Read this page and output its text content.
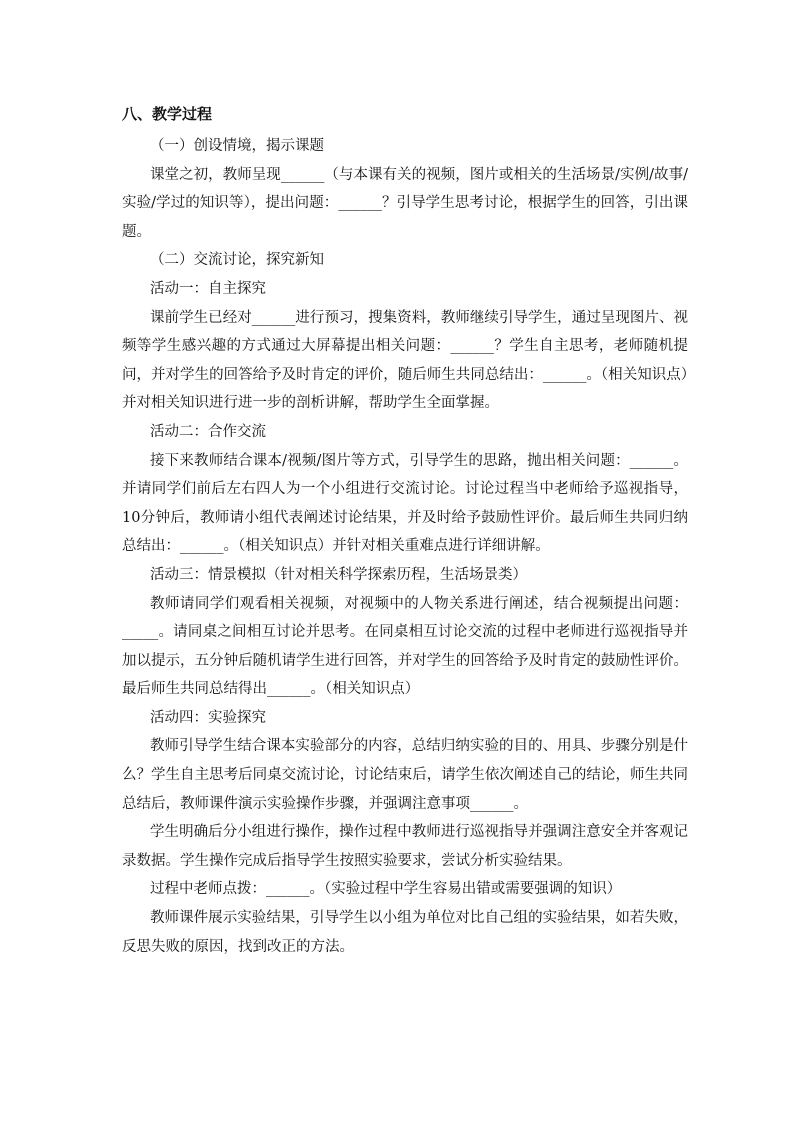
八、教学过程

（一）创设情境，揭示课题

课堂之初，教师呈现______（与本课有关的视频，图片或相关的生活场景/实例/故事/实验/学过的知识等），提出问题：______？引导学生思考讨论，根据学生的回答，引出课题。

（二）交流讨论，探究新知

活动一：自主探究

课前学生已经对______进行预习，搜集资料，教师继续引导学生，通过呈现图片、视频等学生感兴趣的方式通过大屏幕提出相关问题：______？学生自主思考，老师随机提问，并对学生的回答给予及时肯定的评价，随后师生共同总结出：______。（相关知识点）并对相关知识进行进一步的剖析讲解，帮助学生全面掌握。

活动二：合作交流

接下来教师结合课本/视频/图片等方式，引导学生的思路，抛出相关问题：______。并请同学们前后左右四人为一个小组进行交流讨论。讨论过程当中老师给予巡视指导，10分钟后，教师请小组代表阐述讨论结果，并及时给予鼓励性评价。最后师生共同归纳总结出：______。（相关知识点）并针对相关重难点进行详细讲解。

活动三：情景模拟（针对相关科学探索历程，生活场景类）

教师请同学们观看相关视频，对视频中的人物关系进行阐述，结合视频提出问题：_____。请同桌之间相互讨论并思考。在同桌相互讨论交流的过程中老师进行巡视指导并加以提示，五分钟后随机请学生进行回答，并对学生的回答给予及时肯定的鼓励性评价。最后师生共同总结得出______。（相关知识点）

活动四：实验探究

教师引导学生结合课本实验部分的内容，总结归纳实验的目的、用具、步骤分别是什么？学生自主思考后同桌交流讨论，讨论结束后，请学生依次阐述自己的结论，师生共同总结后，教师课件演示实验操作步骤，并强调注意事项______。

学生明确后分小组进行操作，操作过程中教师进行巡视指导并强调注意安全并客观记录数据。学生操作完成后指导学生按照实验要求，尝试分析实验结果。

过程中老师点拨：______。（实验过程中学生容易出错或需要强调的知识）

教师课件展示实验结果，引导学生以小组为单位对比自己组的实验结果，如若失败，反思失败的原因，找到改正的方法。
